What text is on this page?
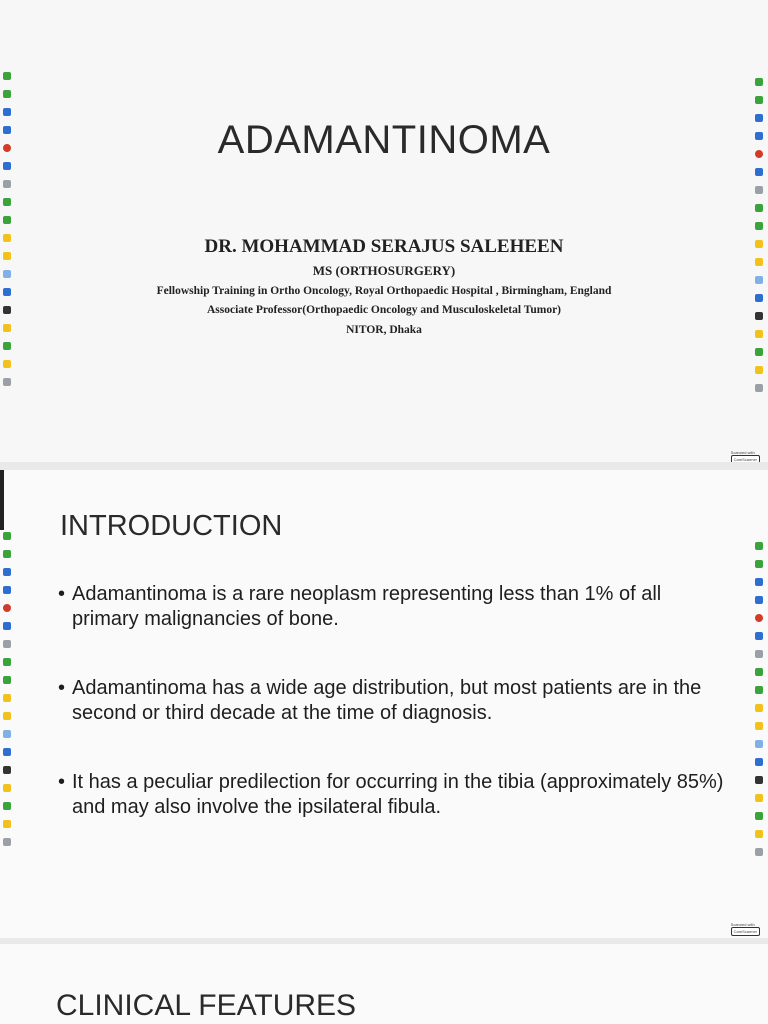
ADAMANTINOMA
DR. MOHAMMAD SERAJUS SALEHEEN
MS (ORTHOSURGERY)
Fellowship Training in Ortho Oncology, Royal Orthopaedic Hospital , Birmingham, England
Associate Professor(Orthopaedic Oncology and Musculoskeletal Tumor)
NITOR, Dhaka
Scanned with
CamScanner
INTRODUCTION
• Adamantinoma is a rare neoplasm representing less than 1% of all primary malignancies of bone.
• Adamantinoma has a wide age distribution, but most patients are in the second or third decade at the time of diagnosis.
• It has a peculiar predilection for occurring in the tibia (approximately 85%) and may also involve the ipsilateral fibula.
Scanned with
CamScanner
CLINICAL FEATURES
